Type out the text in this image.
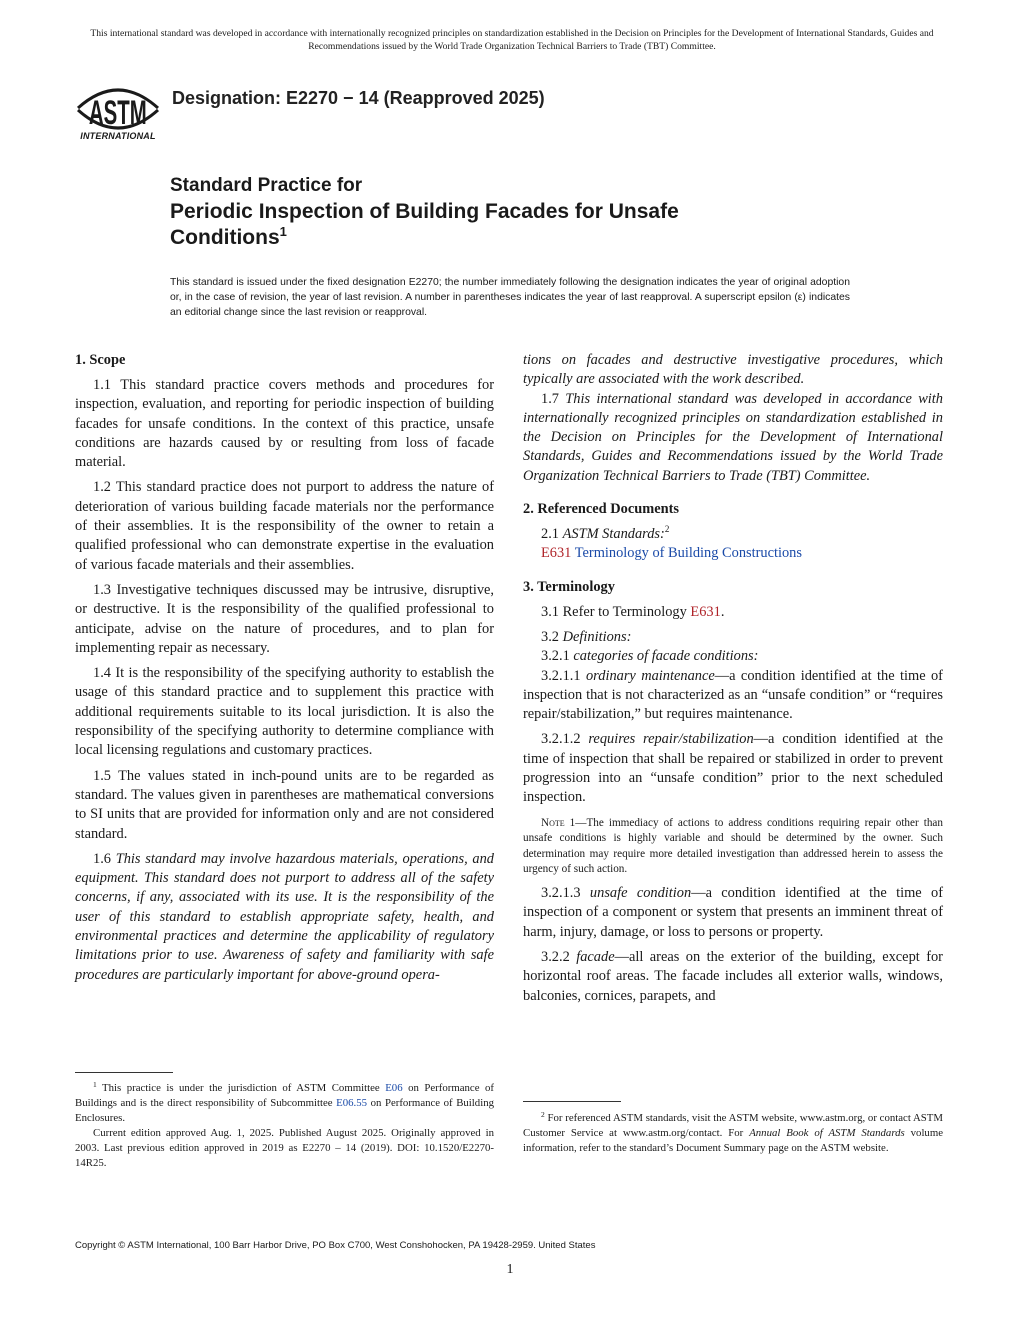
This international standard was developed in accordance with internationally recognized principles on standardization established in the Decision on Principles for the Development of International Standards, Guides and Recommendations issued by the World Trade Organization Technical Barriers to Trade (TBT) Committee.
ASTM
INTERNATIONAL
Designation: E2270 − 14 (Reapproved 2025)
Standard Practice for
Periodic Inspection of Building Facades for Unsafe
Conditions$^1$
This standard is issued under the fixed designation E2270; the number immediately following the designation indicates the year of original adoption or, in the case of revision, the year of last revision. A number in parentheses indicates the year of last reapproval. A superscript epsilon (ε) indicates an editorial change since the last revision or reapproval.
1. Scope

1.1 This standard practice covers methods and procedures for inspection, evaluation, and reporting for periodic inspection of building facades for unsafe conditions. In the context of this practice, unsafe conditions are hazards caused by or resulting from loss of facade material.

1.2 This standard practice does not purport to address the nature of deterioration of various building facade materials nor the performance of their assemblies. It is the responsibility of the owner to retain a qualified professional who can demonstrate expertise in the evaluation of various facade materials and their assemblies.

1.3 Investigative techniques discussed may be intrusive, disruptive, or destructive. It is the responsibility of the qualified professional to anticipate, advise on the nature of procedures, and to plan for implementing repair as necessary.

1.4 It is the responsibility of the specifying authority to establish the usage of this standard practice and to supplement this practice with additional requirements suitable to its local jurisdiction. It is also the responsibility of the specifying authority to determine compliance with local licensing regulations and customary practices.

1.5 The values stated in inch-pound units are to be regarded as standard. The values given in parentheses are mathematical conversions to SI units that are provided for information only and are not considered standard.

1.6 This standard may involve hazardous materials, operations, and equipment. This standard does not purport to address all of the safety concerns, if any, associated with its use. It is the responsibility of the user of this standard to establish appropriate safety, health, and environmental practices and determine the applicability of regulatory limitations prior to use. Awareness of safety and familiarity with safe procedures are particularly important for above-ground opera-

tions on facades and destructive investigative procedures, which typically are associated with the work described.

1.7 This international standard was developed in accordance with internationally recognized principles on standardization established in the Decision on Principles for the Development of International Standards, Guides and Recommendations issued by the World Trade Organization Technical Barriers to Trade (TBT) Committee.

2. Referenced Documents

2.1 ASTM Standards:$^2$

E631 Terminology of Building Constructions

3. Terminology

3.1 Refer to Terminology E631.

3.2 Definitions:

3.2.1 categories of facade conditions:

3.2.1.1 ordinary maintenance—a condition identified at the time of inspection that is not characterized as an “unsafe condition” or “requires repair/stabilization,” but requires maintenance.

3.2.1.2 requires repair/stabilization—a condition identified at the time of inspection that shall be repaired or stabilized in order to prevent progression into an “unsafe condition” prior to the next scheduled inspection.

Note 1—The immediacy of actions to address conditions requiring repair other than unsafe conditions is highly variable and should be determined by the owner. Such determination may require more detailed investigation than addressed herein to assess the urgency of such action.

3.2.1.3 unsafe condition—a condition identified at the time of inspection of a component or system that presents an imminent threat of harm, injury, damage, or loss to persons or property.

3.2.2 facade—all areas on the exterior of the building, except for horizontal roof areas. The facade includes all exterior walls, windows, balconies, cornices, parapets, and

$^1$ This practice is under the jurisdiction of ASTM Committee E06 on Performance of Buildings and is the direct responsibility of Subcommittee E06.55 on Performance of Building Enclosures.

Current edition approved Aug. 1, 2025. Published August 2025. Originally approved in 2003. Last previous edition approved in 2019 as E2270 – 14 (2019). DOI: 10.1520/E2270-14R25.

$^2$ For referenced ASTM standards, visit the ASTM website, www.astm.org, or contact ASTM Customer Service at www.astm.org/contact. For Annual Book of ASTM Standards volume information, refer to the standard’s Document Summary page on the ASTM website.

Copyright © ASTM International, 100 Barr Harbor Drive, PO Box C700, West Conshohocken, PA 19428-2959. United States
1
